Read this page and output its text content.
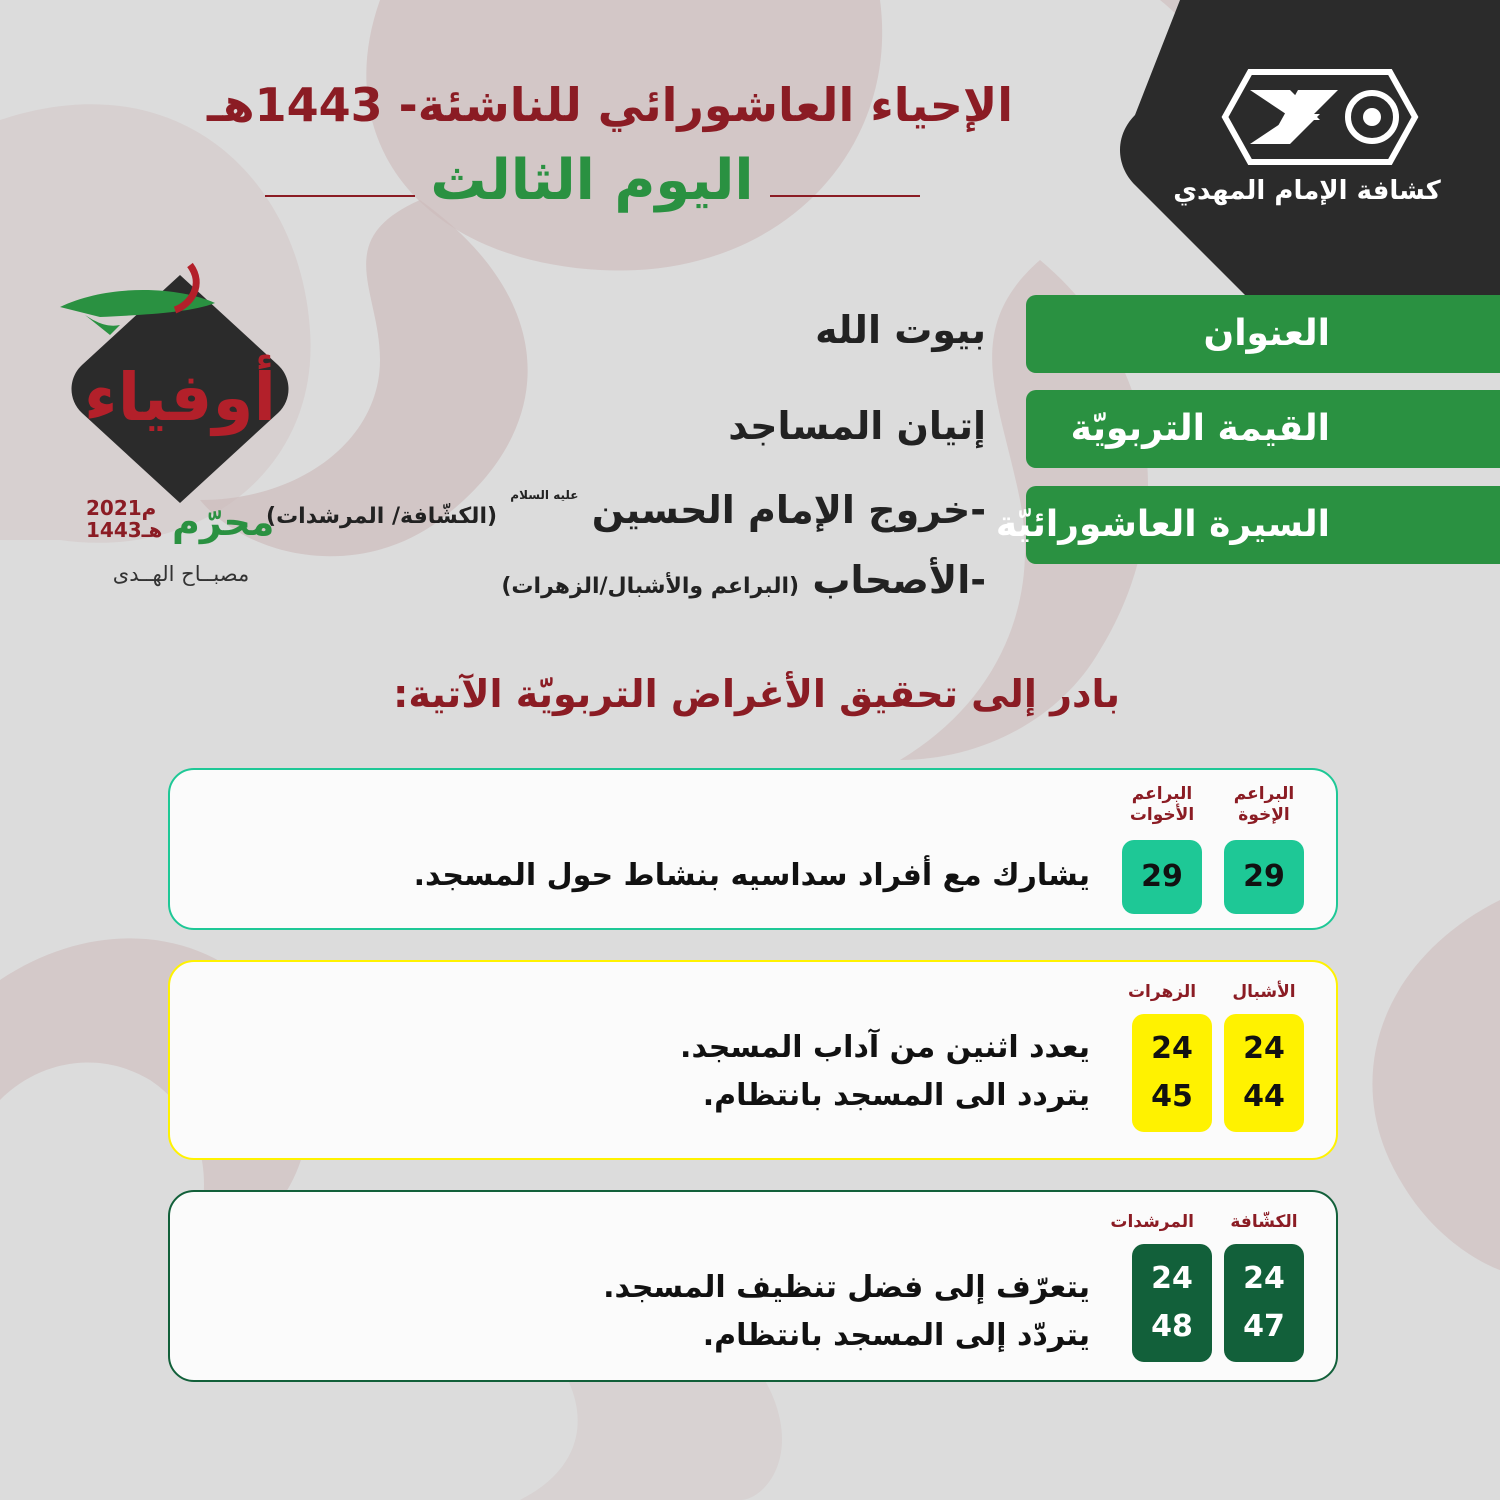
كشافة الإمام المهدي
الإحياء العاشورائي للناشئة- 1443هـ
اليوم الثالث
العنوان
بيوت الله
القيمة التربويّة
إتيان المساجد
السيرة العاشورائيّة
-خروج الإمام الحسين $^{عليه السلام}$ (الكشّافة/ المرشدات)
-الأصحاب (البراعم والأشبال/الزهرات)
أوفياء
محرّم
2021م
1443هـ
مصبــاح الهــدى
بادر إلى تحقيق الأغراض التربويّة الآتية:
البراعم الإخوة
البراعم الأخوات
29
29
يشارك مع أفراد سداسيه بنشاط حول المسجد.
الأشبال
الزهرات
24
44
24
45
يعدد اثنين من آداب المسجد.
يتردد الى المسجد بانتظام.
الكشّافة
المرشدات
24
47
24
48
يتعرّف إلى فضل تنظيف المسجد.
يتردّد إلى المسجد بانتظام.
